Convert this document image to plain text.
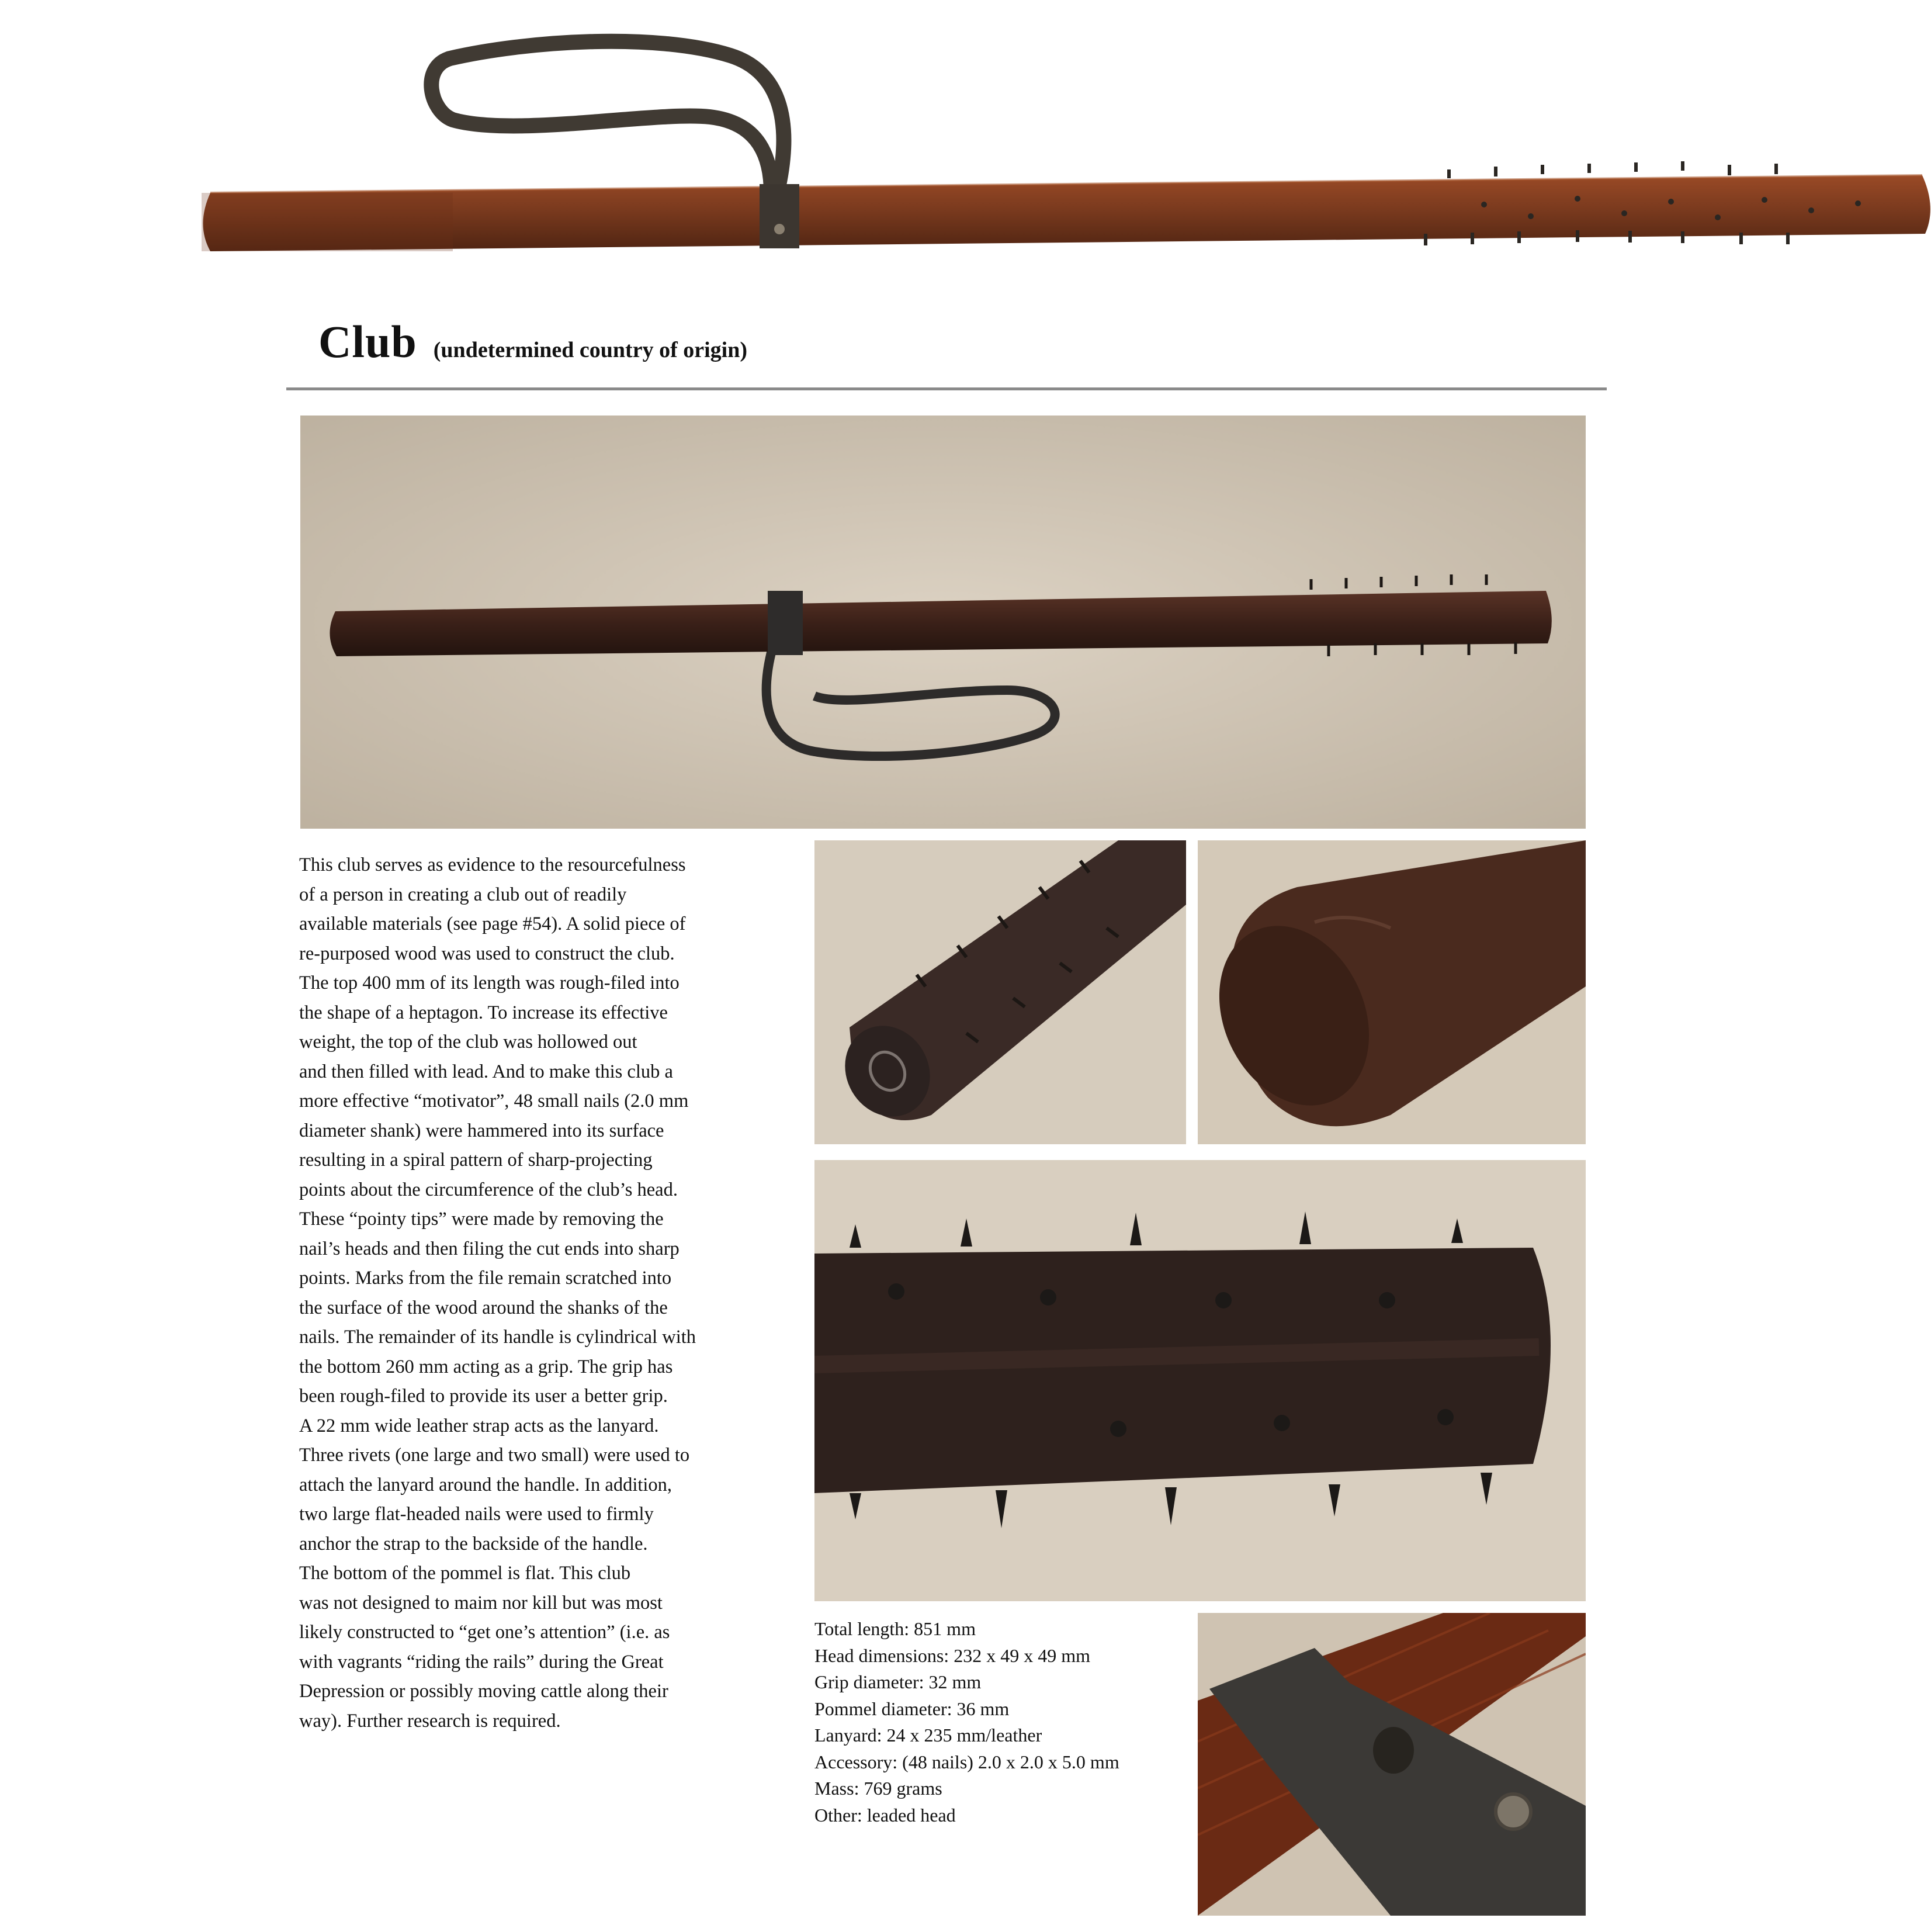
Club (undetermined country of origin)
This club serves as evidence to the resourcefulness
of a person in creating a club out of readily
available materials (see page #54). A solid piece of
re-purposed wood was used to construct the club.
The top 400 mm of its length was rough-filed into
the shape of a heptagon. To increase its effective
weight, the top of the club was hollowed out
and then filled with lead. And to make this club a
more effective “motivator”, 48 small nails (2.0 mm
diameter shank) were hammered into its surface
resulting in a spiral pattern of sharp-projecting
points about the circumference of the club’s head.
These “pointy tips” were made by removing the
nail’s heads and then filing the cut ends into sharp
points. Marks from the file remain scratched into
the surface of the wood around the shanks of the
nails. The remainder of its handle is cylindrical with
the bottom 260 mm acting as a grip. The grip has
been rough-filed to provide its user a better grip.
A 22 mm wide leather strap acts as the lanyard.
Three rivets (one large and two small) were used to
attach the lanyard around the handle. In addition,
two large flat-headed nails were used to firmly
anchor the strap to the backside of the handle.
The bottom of the pommel is flat. This club
was not designed to maim nor kill but was most
likely constructed to “get one’s attention” (i.e. as
with vagrants “riding the rails” during the Great
Depression or possibly moving cattle along their
way). Further research is required.
Total length: 851 mm
Head dimensions: 232 x 49 x 49 mm
Grip diameter: 32 mm
Pommel diameter: 36 mm
Lanyard: 24 x 235 mm/leather
Accessory: (48 nails) 2.0 x 2.0 x 5.0 mm
Mass: 769 grams
Other: leaded head
